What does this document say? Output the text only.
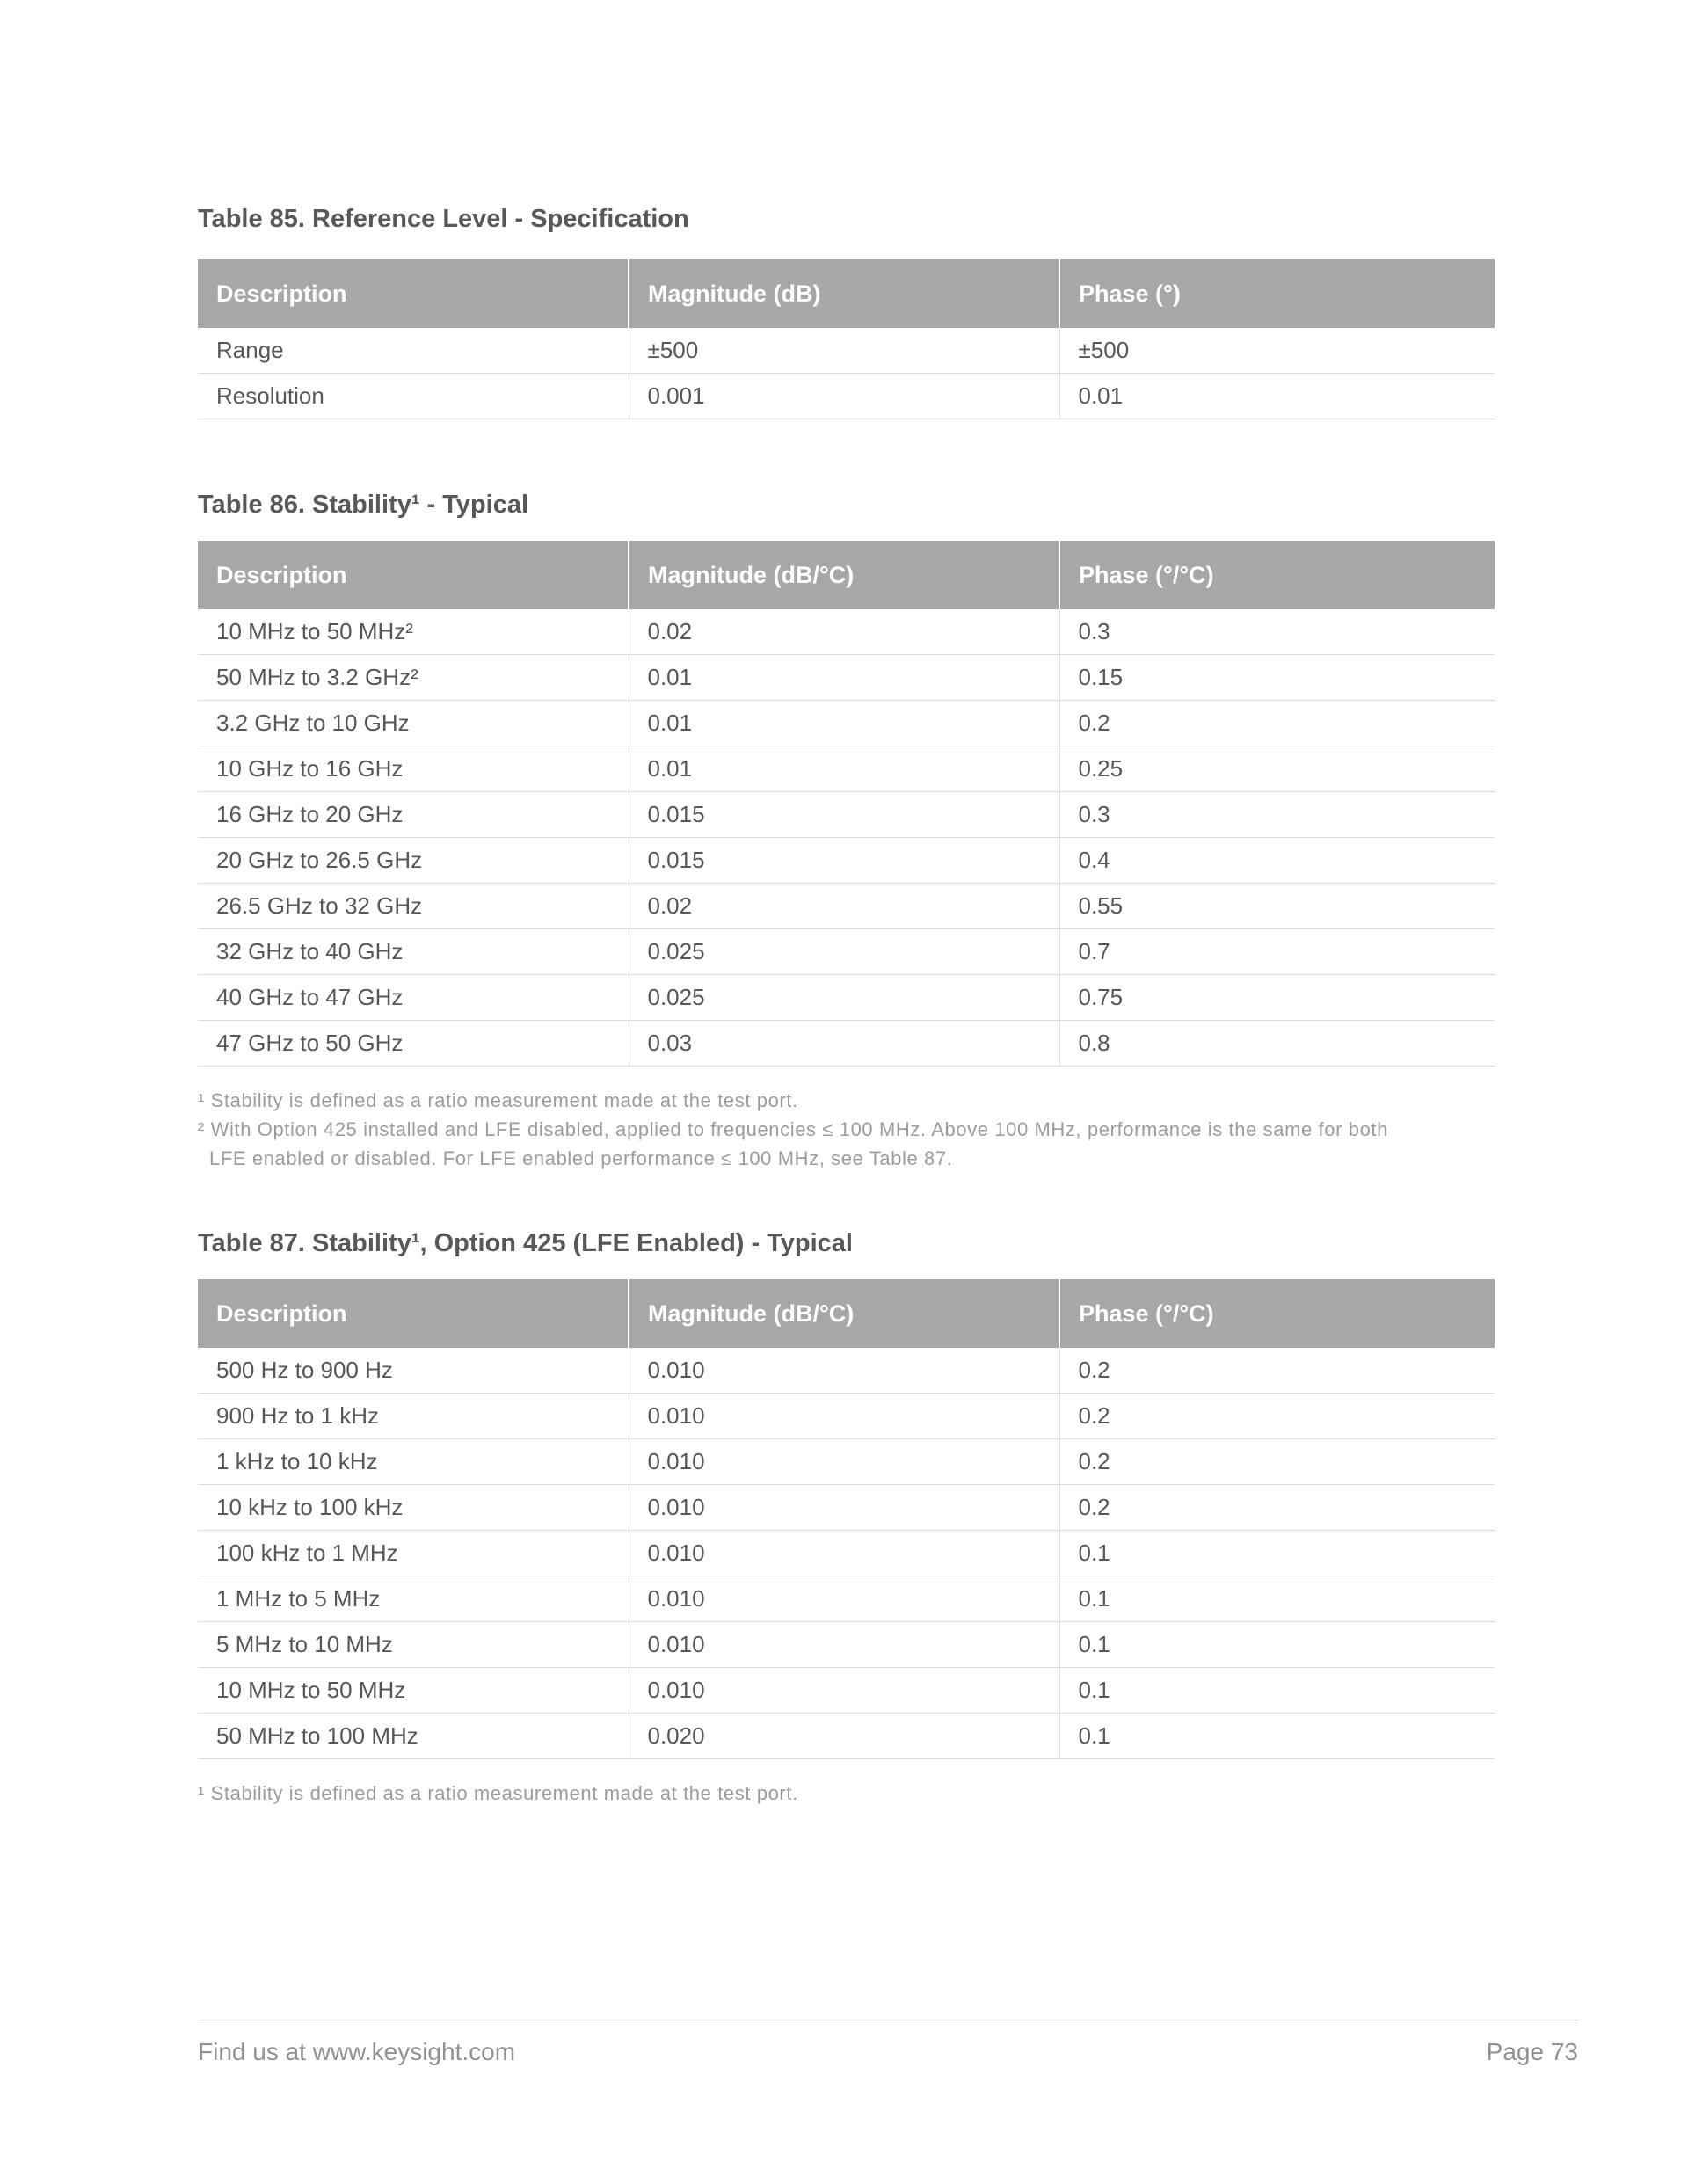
Table 85. Reference Level - Specification
Description	Magnitude (dB)	Phase (°)
Range	±500	±500
Resolution	0.001	0.01
Table 86. Stability¹ - Typical
Description	Magnitude (dB/°C)	Phase (°/°C)
10 MHz to 50 MHz²	0.02	0.3
50 MHz to 3.2 GHz²	0.01	0.15
3.2 GHz to 10 GHz	0.01	0.2
10 GHz to 16 GHz	0.01	0.25
16 GHz to 20 GHz	0.015	0.3
20 GHz to 26.5 GHz	0.015	0.4
26.5 GHz to 32 GHz	0.02	0.55
32 GHz to 40 GHz	0.025	0.7
40 GHz to 47 GHz	0.025	0.75
47 GHz to 50 GHz	0.03	0.8

¹ Stability is defined as a ratio measurement made at the test port.

² With Option 425 installed and LFE disabled, applied to frequencies ≤ 100 MHz. Above 100 MHz, performance is the same for both LFE enabled or disabled. For LFE enabled performance ≤ 100 MHz, see Table 87.

Table 87. Stability¹, Option 425 (LFE Enabled) - Typical
Description	Magnitude (dB/°C)	Phase (°/°C)
500 Hz to 900 Hz	0.010	0.2
900 Hz to 1 kHz	0.010	0.2
1 kHz to 10 kHz	0.010	0.2
10 kHz to 100 kHz	0.010	0.2
100 kHz to 1 MHz	0.010	0.1
1 MHz to 5 MHz	0.010	0.1
5 MHz to 10 MHz	0.010	0.1
10 MHz to 50 MHz	0.010	0.1
50 MHz to 100 MHz	0.020	0.1

¹ Stability is defined as a ratio measurement made at the test port.

Find us at www.keysight.com	Page 73
